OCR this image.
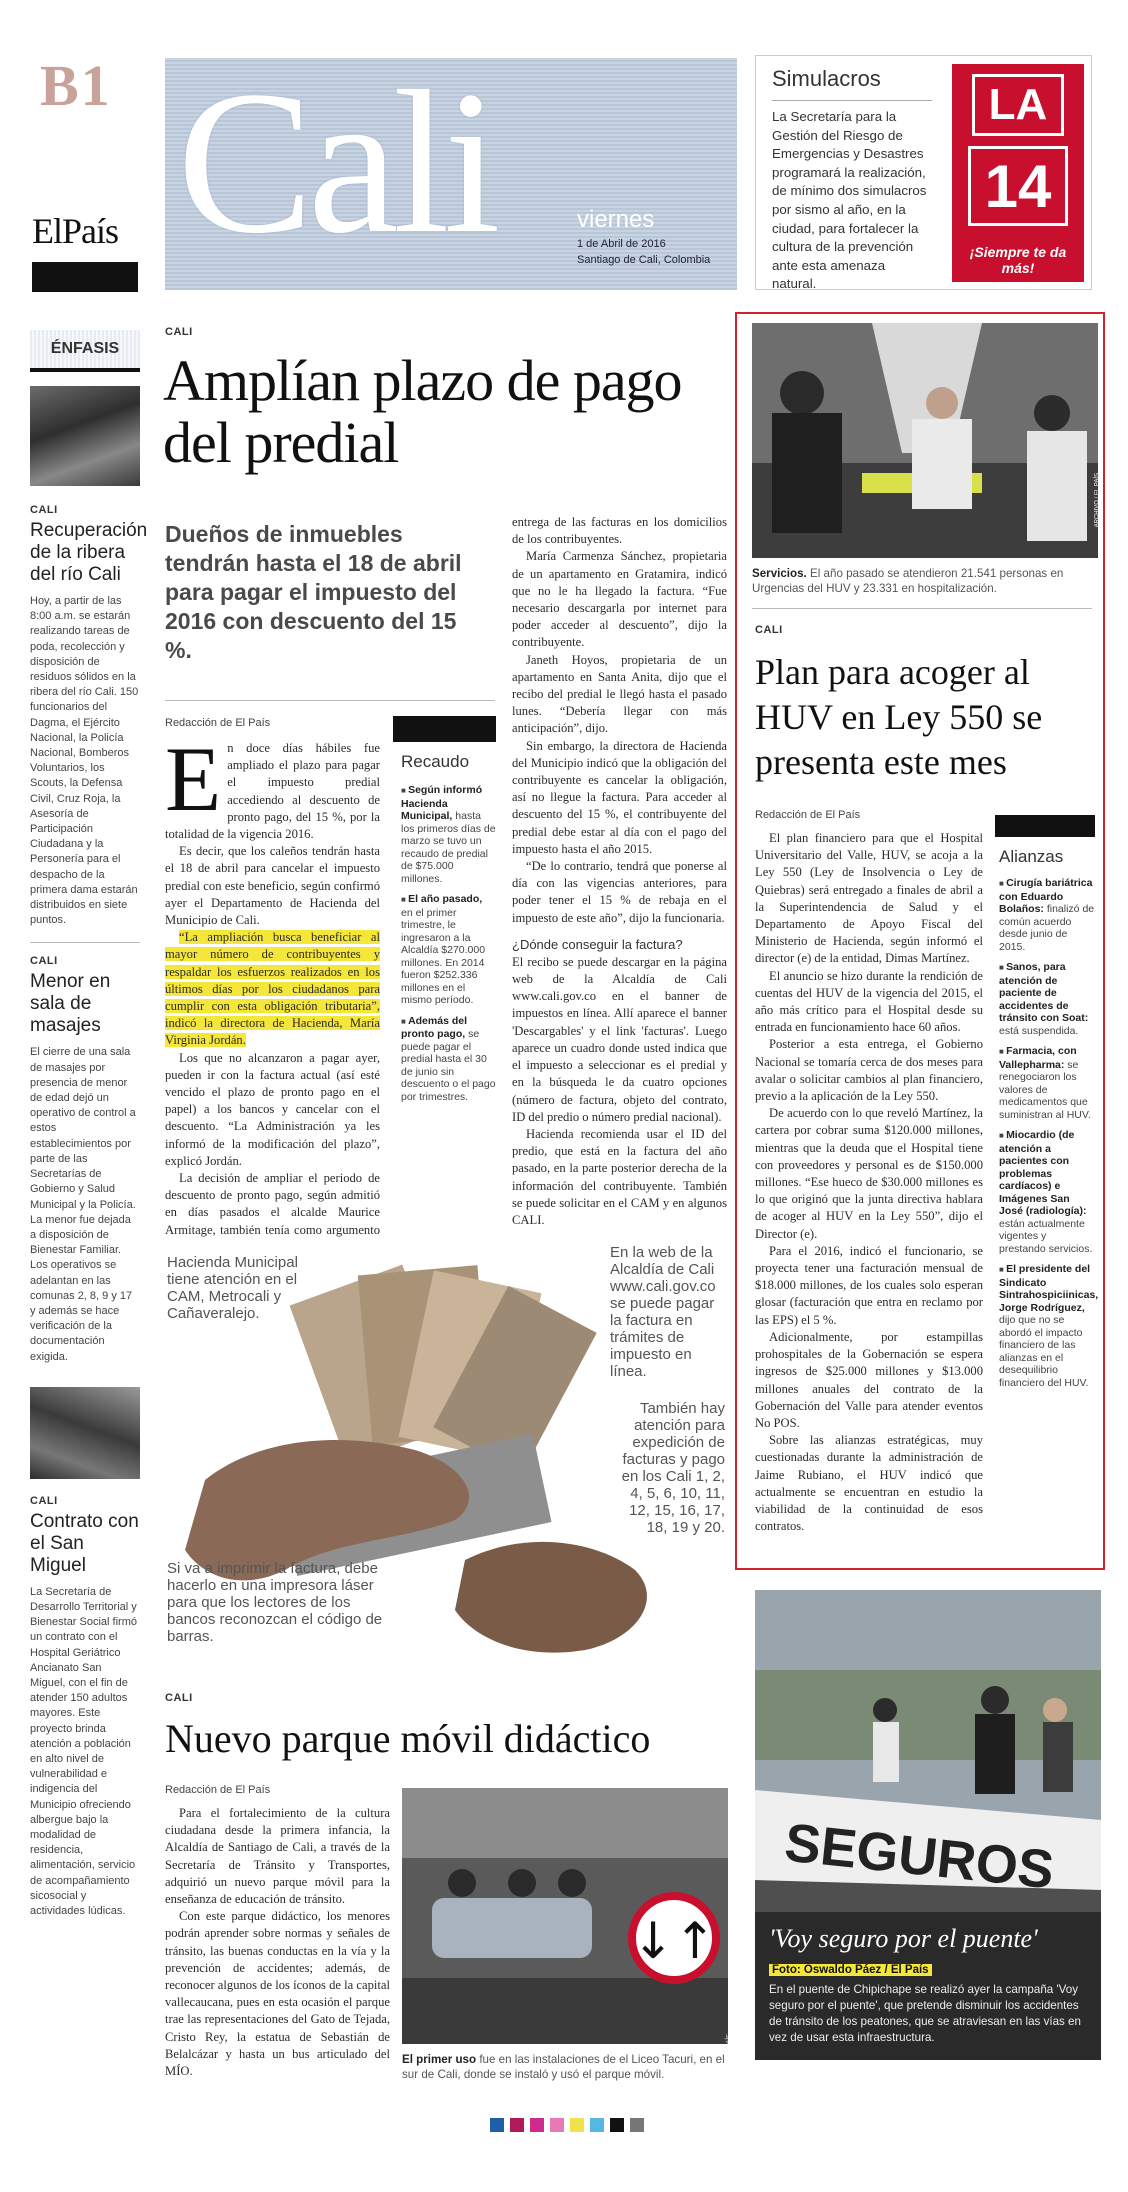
B1
ElPaís Cali	viernes
1 de Abril de 2016
Santiago de Cali, Colombia
Simulacros
La Secretaría para la Gestión del Riesgo de Emergencias y Desastres programará la realización, de mínimo dos simulacros por sismo al año, en la ciudad, para fortalecer la cultura de la prevención ante esta amenaza natural.
LA
14
¡Siempre te da más!
ÉNFASIS
CALI
Recuperación de la ribera del río Cali
Hoy, a partir de las 8:00 a.m. se estarán realizando tareas de poda, recolección y disposición de residuos sólidos en la ribera del río Cali. 150 funcionarios del Dagma, el Ejército Nacional, la Policía Nacional, Bomberos Voluntarios, los Scouts, la Defensa Civil, Cruz Roja, la Asesoría de Participación Ciudadana y la Personería para el despacho de la primera dama estarán distribuidos en siete puntos.
CALI
Menor en sala de masajes
El cierre de una sala de masajes por presencia de menor de edad dejó un operativo de control a estos establecimientos por parte de las Secretarías de Gobierno y Salud Municipal y la Policía. La menor fue dejada a disposición de Bienestar Familiar. Los operativos se adelantan en las comunas 2, 8, 9 y 17 y además se hace verificación de la documentación exigida.
CALI
Contrato con el San Miguel
La Secretaría de Desarrollo Territorial y Bienestar Social firmó un contrato con el Hospital Geriátrico Ancianato San Miguel, con el fin de atender 150 adultos mayores. Este proyecto brinda atención a población en alto nivel de vulnerabilidad e indigencia del Municipio ofreciendo albergue bajo la modalidad de residencia, alimentación, servicio de acompañamiento sicosocial y actividades lúdicas.
CALI
Amplían plazo de pago del predial
Dueños de inmuebles tendrán hasta el 18 de abril para pagar el impuesto del 2016 con descuento del 15 %.
Redacción de El País
E n doce días hábiles fue ampliado el plazo para pagar el impuesto predial accediendo al descuento de pronto pago, del 15 %, por la totalidad de la vigencia 2016.

Es decir, que los caleños tendrán hasta el 18 de abril para cancelar el impuesto predial con este beneficio, según confirmó ayer el Departamento de Hacienda del Municipio de Cali.

“La ampliación busca beneficiar al mayor número de contribuyentes y respaldar los esfuerzos realizados en los últimos días por los ciudadanos para cumplir con esta obligación tributaria”, indicó la directora de Hacienda, María Virginia Jordán.

Los que no alcanzaron a pagar ayer, pueden ir con la factura actual (así esté vencido el plazo de pronto pago en el papel) a los bancos y cancelar con el descuento. “La Administración ya les informó de la modificación del plazo”, explicó Jordán.

La decisión de ampliar el periodo de descuento de pronto pago, según admitió en días pasados el alcalde Maurice Armitage, también tenía como argumento

Recaudo
■ Según informó Hacienda Municipal, hasta los primeros días de marzo se tuvo un recaudo de predial de $75.000 millones.
■ El año pasado, en el primer trimestre, le ingresaron a la Alcaldía $270.000 millones. En 2014 fueron $252.336 millones en el mismo período.
■ Además del pronto pago, se puede pagar el predial hasta el 30 de junio sin descuento o el pago por trimestres.

entrega de las facturas en los domicilios de los contribuyentes.

María Carmenza Sánchez, propietaria de un apartamento en Gratamira, indicó que no le ha llegado la factura. “Fue necesario descargarla por internet para poder acceder al descuento”, dijo la contribuyente.

Janeth Hoyos, propietaria de un apartamento en Santa Anita, dijo que el recibo del predial le llegó hasta el pasado lunes. “Debería llegar con más anticipación”, dijo.

Sin embargo, la directora de Hacienda del Municipio indicó que la obligación del contribuyente es cancelar la obligación, así no llegue la factura. Para acceder al descuento del 15 %, el contribuyente del predial debe estar al día con el pago del impuesto hasta el año 2015.

“De lo contrario, tendrá que ponerse al día con las vigencias anteriores, para poder tener el 15 % de rebaja en el impuesto de este año”, dijo la funcionaria.

¿Dónde conseguir la factura?

El recibo se puede descargar en la página web de la Alcaldía de Cali www.cali.gov.co en el banner de impuestos en línea. Allí aparece el banner 'Descargables' y el link 'facturas'. Luego aparece un cuadro donde usted indica que el impuesto a seleccionar es el predial y en la búsqueda le da cuatro opciones (número de factura, objeto del contrato, ID del predio o número predial nacional).

Hacienda recomienda usar el ID del predio, que está en la factura del año pasado, en la parte posterior derecha de la información del contribuyente. También se puede solicitar en el CAM y en algunos CALI.

Hacienda Municipal tiene atención en el CAM, Metrocali y Cañaveralejo.
En la web de la Alcaldía de Cali www.cali.gov.co se puede pagar la factura en trámites de impuesto en línea.
También hay atención para expedición de facturas y pago en los Cali 1, 2, 4, 5, 6, 10, 11, 12, 15, 16, 17, 18, 19 y 20.
Si va a imprimir la factura, debe hacerlo en una impresora láser para que los lectores de los bancos reconozcan el código de barras.
ARCHIVO / EL PAÍS
Servicios. El año pasado se atendieron 21.541 personas en Urgencias del HUV y 23.331 en hospitalización.
CALI
Plan para acoger al HUV en Ley 550 se presenta este mes
Redacción de El País

El plan financiero para que el Hospital Universitario del Valle, HUV, se acoja a la Ley 550 (Ley de Insolvencia o Ley de Quiebras) será entregado a finales de abril a la Superintendencia de Salud y el Departamento de Apoyo Fiscal del Ministerio de Hacienda, según informó el director (e) de la entidad, Dimas Martínez.

El anuncio se hizo durante la rendición de cuentas del HUV de la vigencia del 2015, el año más crítico para el Hospital desde su entrada en funcionamiento hace 60 años.

Posterior a esta entrega, el Gobierno Nacional se tomaría cerca de dos meses para avalar o solicitar cambios al plan financiero, previo a la aplicación de la Ley 550.

De acuerdo con lo que reveló Martínez, la cartera por cobrar suma $120.000 millones, mientras que la deuda que el Hospital tiene con proveedores y personal es de $150.000 millones. “Ese hueco de $30.000 millones es lo que originó que la junta directiva hablara de acoger al HUV en la Ley 550”, dijo el Director (e).

Para el 2016, indicó el funcionario, se proyecta tener una facturación mensual de $18.000 millones, de los cuales solo esperan glosar (facturación que entra en reclamo por las EPS) el 5 %.

Adicionalmente, por estampillas prohospitales de la Gobernación se espera ingresos de $25.000 millones y $13.000 millones anuales del contrato de la Gobernación del Valle para atender eventos No POS.

Sobre las alianzas estratégicas, muy cuestionadas durante la administración de Jaime Rubiano, el HUV indicó que actualmente se encuentran en estudio la viabilidad de la continuidad de esos contratos.

Alianzas
■ Cirugía bariátrica con Eduardo Bolaños: finalizó de común acuerdo desde junio de 2015.
■ Sanos, para atención de paciente de accidentes de tránsito con Soat: está suspendida.
■ Farmacia, con Vallepharma: se renegociaron los valores de medicamentos que suministran al HUV.
■ Miocardio (de atención a pacientes con problemas cardíacos) e Imágenes San José (radiología): están actualmente vigentes y prestando servicios.
■ El presidente del Sindicato Sintrahospiciinicas, Jorge Rodríguez, dijo que no se abordó el impacto financiero de las alianzas en el desequilibrio financiero del HUV.
CALI
Nuevo parque móvil didáctico
Redacción de El País

Para el fortalecimiento de la cultura ciudadana desde la primera infancia, la Alcaldía de Santiago de Cali, a través de la Secretaría de Tránsito y Transportes, adquirió un nuevo parque móvil para la enseñanza de educación de tránsito.

Con este parque didáctico, los menores podrán aprender sobre normas y señales de tránsito, las buenas conductas en la vía y la prevención de accidentes; además, de reconocer algunos de los íconos de la capital vallecaucana, pues en esta ocasión el parque trae las representaciones del Gato de Tejada, Cristo Rey, la estatua de Sebastián de Belalcázar y hasta un bus articulado del MÍO.

↓↑
FOTO: JOSÉ LUIS GUZMÁN / EL PAÍS
El primer uso fue en las instalaciones de el Liceo Tacuri, en el sur de Cali, donde se instaló y usó el parque móvil.
SEGUROS
'Voy seguro por el puente'
Foto: Oswaldo Páez / El País
En el puente de Chipichape se realizó ayer la campaña 'Voy seguro por el puente', que pretende disminuir los accidentes de tránsito de los peatones, que se atraviesan en las vías en vez de usar esta infraestructura.
